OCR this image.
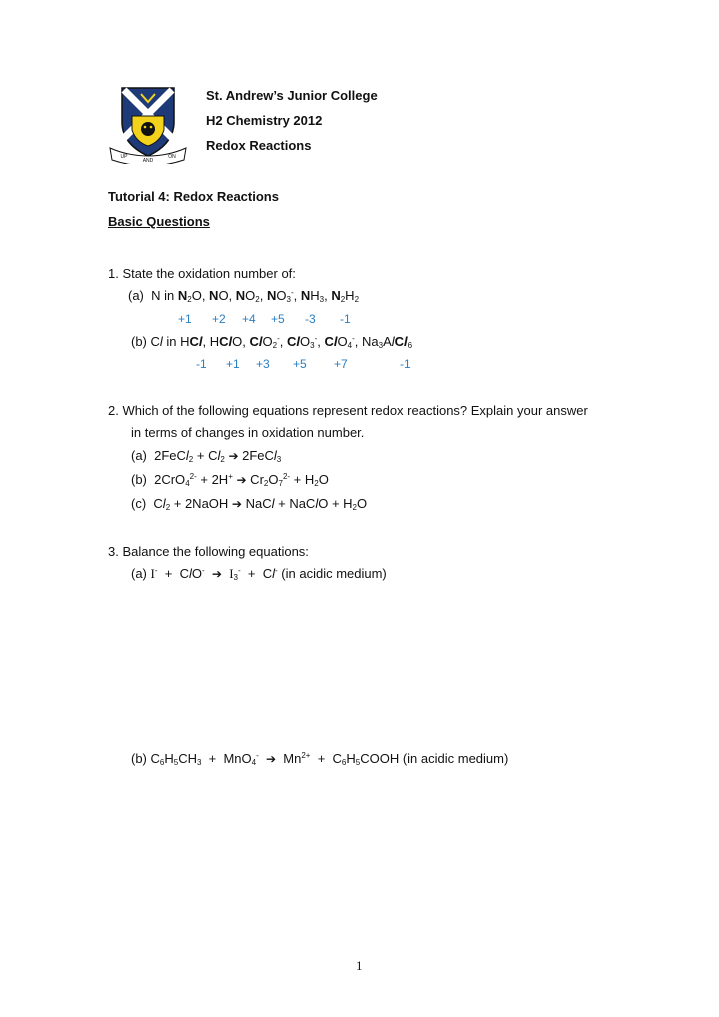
UP
AND
ON
St. Andrew’s Junior College
H2 Chemistry 2012
Redox Reactions
Tutorial 4: Redox Reactions
Basic Questions
1. State the oxidation number of:
(a)  N in $N_2O$, NO, $NO_2$, $NO_3^-$, $NH_3$, $N_2H_2$
+1 +2 +4 +5 -3 -1
(b) Cl in HCl, HClO, ClO$_2$-, ClO$_3$-, ClO$_4$-, $Na_3AlCl_6$
-1 +1 +3 +5 +7	-1
2. Which of the following equations represent redox reactions? Explain your answer
in terms of changes in oxidation number.
(a)  2FeCl$_2$ + $Cl_2$ ➔ 2FeCl$_3$
(b)  2CrO$_4^{2-}$ + 2H+ ➔ $Cr_2O_7^{2-} + H_2O$
(c)  $Cl_2$ + 2NaOH ➔ NaCl + NaClO + $H_2O$
3. Balance the following equations:
(a) I-  +  ClO- ➔ $I_3^- + Cl^-$ (in acidic medium)
(b) $C_6H_5CH_3 + MnO_4^-$ ➔  $Mn^{2+}$  +  $C_6H_5COOH$ (in acidic medium)
1
